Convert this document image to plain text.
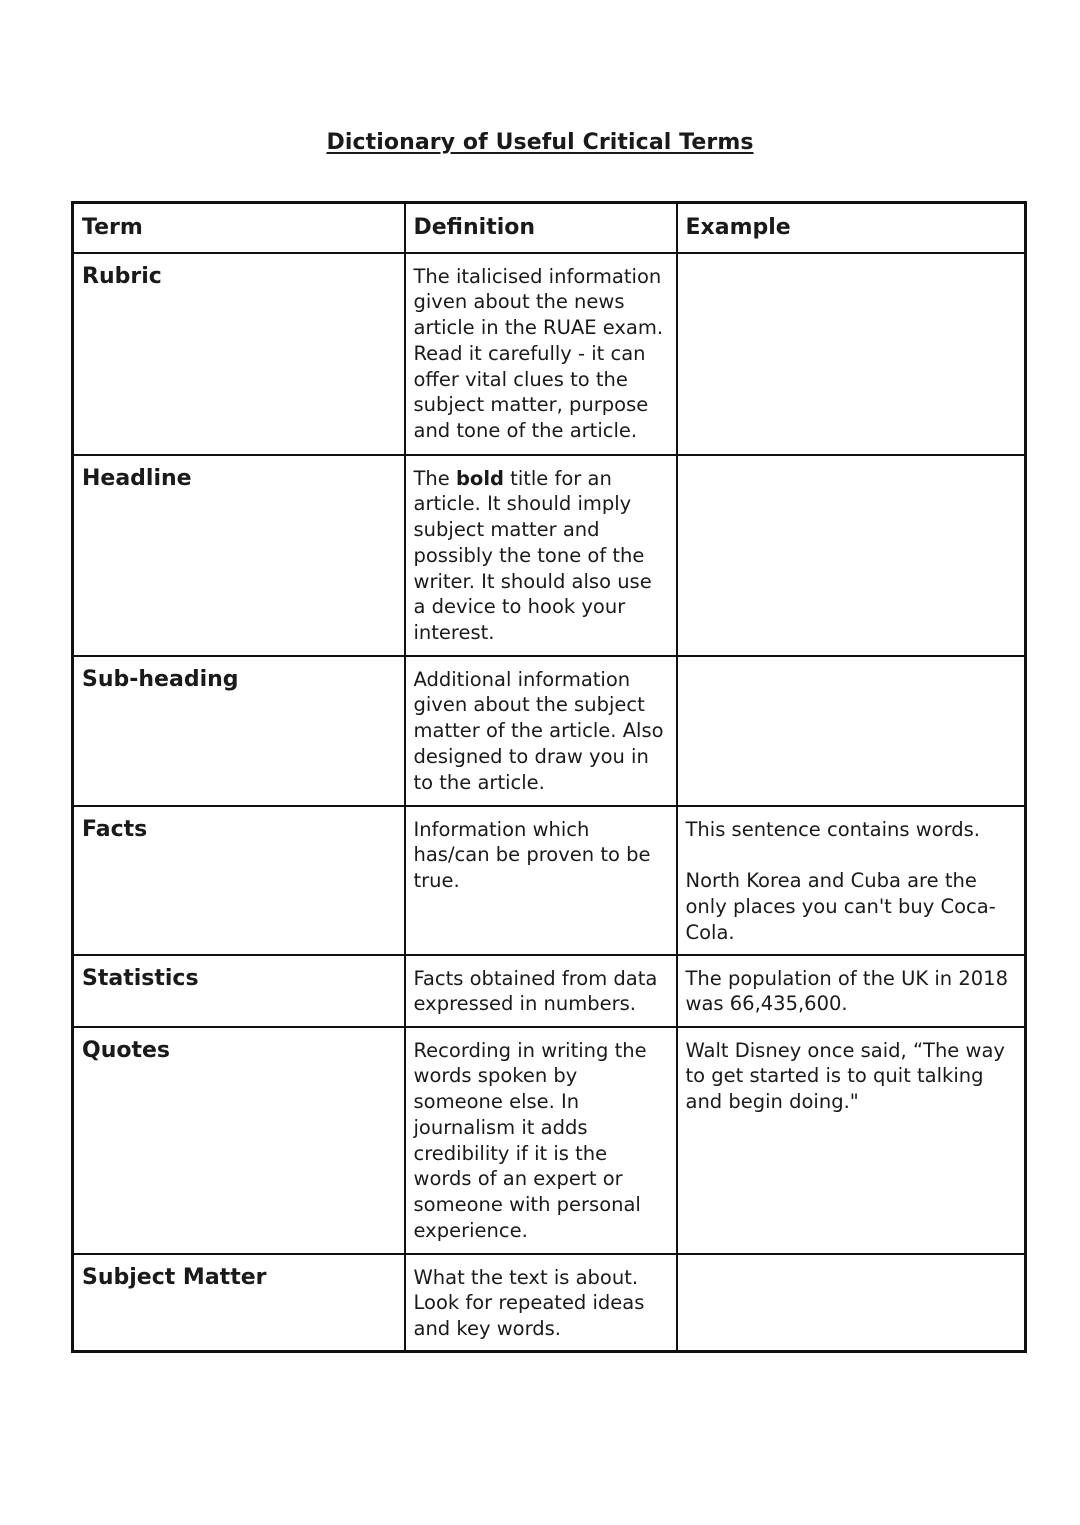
Dictionary of Useful Critical Terms
Term	Definition	Example
Rubric	The italicised information given about the news article in the RUAE exam. Read it carefully - it can offer vital clues to the subject matter, purpose and tone of the article.	
Headline	The bold title for an article. It should imply subject matter and possibly the tone of the writer. It should also use a device to hook your interest.	
Sub-heading	Additional information given about the subject matter of the article. Also designed to draw you in to the article.	
Facts	Information which has/can be proven to be true.	This sentence contains words.
North Korea and Cuba are the only places you can't buy Coca-Cola.

Statistics	Facts obtained from data expressed in numbers.	The population of the UK in 2018 was 66,435,600.

Quotes	Recording in writing the words spoken by someone else. In journalism it adds credibility if it is the words of an expert or someone with personal experience.	Walt Disney once said, “The way to get started is to quit talking and begin doing."

Subject Matter	What the text is about. Look for repeated ideas and key words.	
